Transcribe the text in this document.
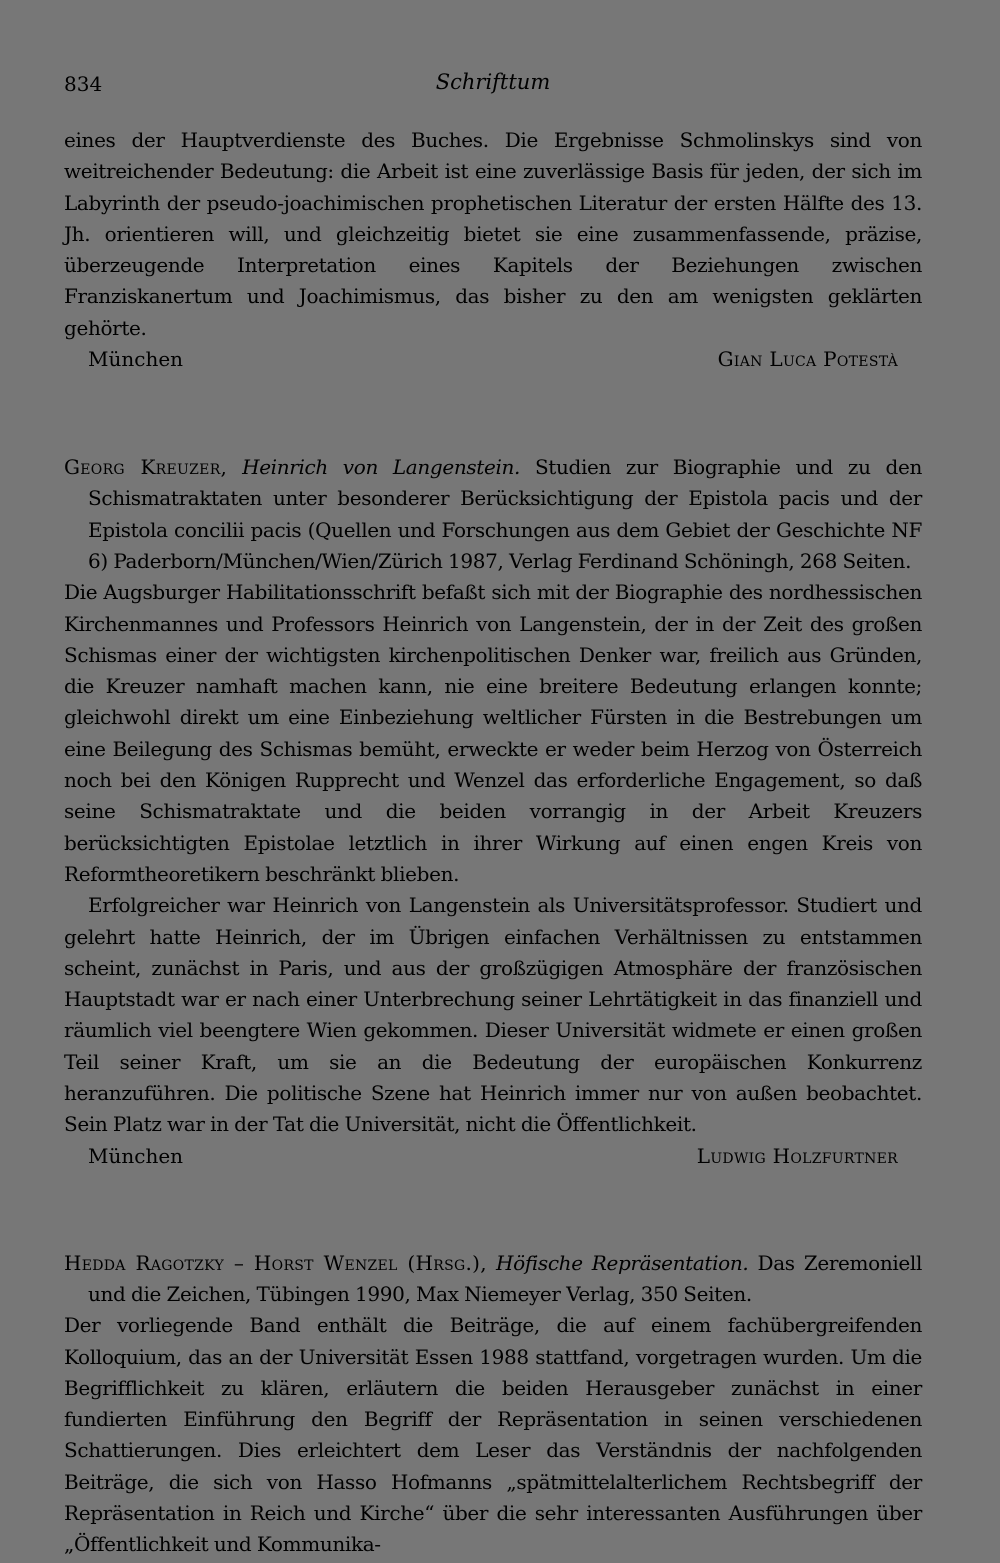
834	Schrifttum

eines der Hauptverdienste des Buches. Die Ergebnisse Schmolinskys sind von weitreichender Bedeutung: die Arbeit ist eine zuverlässige Basis für jeden, der sich im Labyrinth der pseudo-joachimischen prophetischen Literatur der ersten Hälfte des 13. Jh. orientieren will, und gleichzeitig bietet sie eine zusammenfassende, präzise, überzeugende Interpretation eines Kapitels der Beziehungen zwischen Franziskanertum und Joachimismus, das bisher zu den am wenigsten geklärten gehörte.

München	Gian Luca Potestà

Georg Kreuzer, Heinrich von Langenstein. Studien zur Biographie und zu den Schismatraktaten unter besonderer Berücksichtigung der Epistola pacis und der Epistola concilii pacis (Quellen und Forschungen aus dem Gebiet der Geschichte NF 6) Paderborn/München/Wien/Zürich 1987, Verlag Ferdinand Schöningh, 268 Seiten.

Die Augsburger Habilitationsschrift befaßt sich mit der Biographie des nordhessischen Kirchenmannes und Professors Heinrich von Langenstein, der in der Zeit des großen Schismas einer der wichtigsten kirchenpolitischen Denker war, freilich aus Gründen, die Kreuzer namhaft machen kann, nie eine breitere Bedeutung erlangen konnte; gleichwohl direkt um eine Einbeziehung weltlicher Fürsten in die Bestrebungen um eine Beilegung des Schismas bemüht, erweckte er weder beim Herzog von Österreich noch bei den Königen Rupprecht und Wenzel das erforderliche Engagement, so daß seine Schismatraktate und die beiden vorrangig in der Arbeit Kreuzers berücksichtigten Epistolae letztlich in ihrer Wirkung auf einen engen Kreis von Reformtheoretikern beschränkt blieben.

Erfolgreicher war Heinrich von Langenstein als Universitätsprofessor. Studiert und gelehrt hatte Heinrich, der im Übrigen einfachen Verhältnissen zu entstammen scheint, zunächst in Paris, und aus der großzügigen Atmosphäre der französischen Hauptstadt war er nach einer Unterbrechung seiner Lehrtätigkeit in das finanziell und räumlich viel beengtere Wien gekommen. Dieser Universität widmete er einen großen Teil seiner Kraft, um sie an die Bedeutung der europäischen Konkurrenz heranzuführen. Die politische Szene hat Heinrich immer nur von außen beobachtet. Sein Platz war in der Tat die Universität, nicht die Öffentlichkeit.

München	Ludwig Holzfurtner

Hedda Ragotzky – Horst Wenzel (Hrsg.), Höfische Repräsentation. Das Zeremoniell und die Zeichen, Tübingen 1990, Max Niemeyer Verlag, 350 Seiten.

Der vorliegende Band enthält die Beiträge, die auf einem fachübergreifenden Kolloquium, das an der Universität Essen 1988 stattfand, vorgetragen wurden. Um die Begrifflichkeit zu klären, erläutern die beiden Herausgeber zunächst in einer fundierten Einführung den Begriff der Repräsentation in seinen verschiedenen Schattierungen. Dies erleichtert dem Leser das Verständnis der nachfolgenden Beiträge, die sich von Hasso Hofmanns „spätmittelalterlichem Rechtsbegriff der Repräsentation in Reich und Kirche“ über die sehr interessanten Ausführungen über „Öffentlichkeit und Kommunika-
